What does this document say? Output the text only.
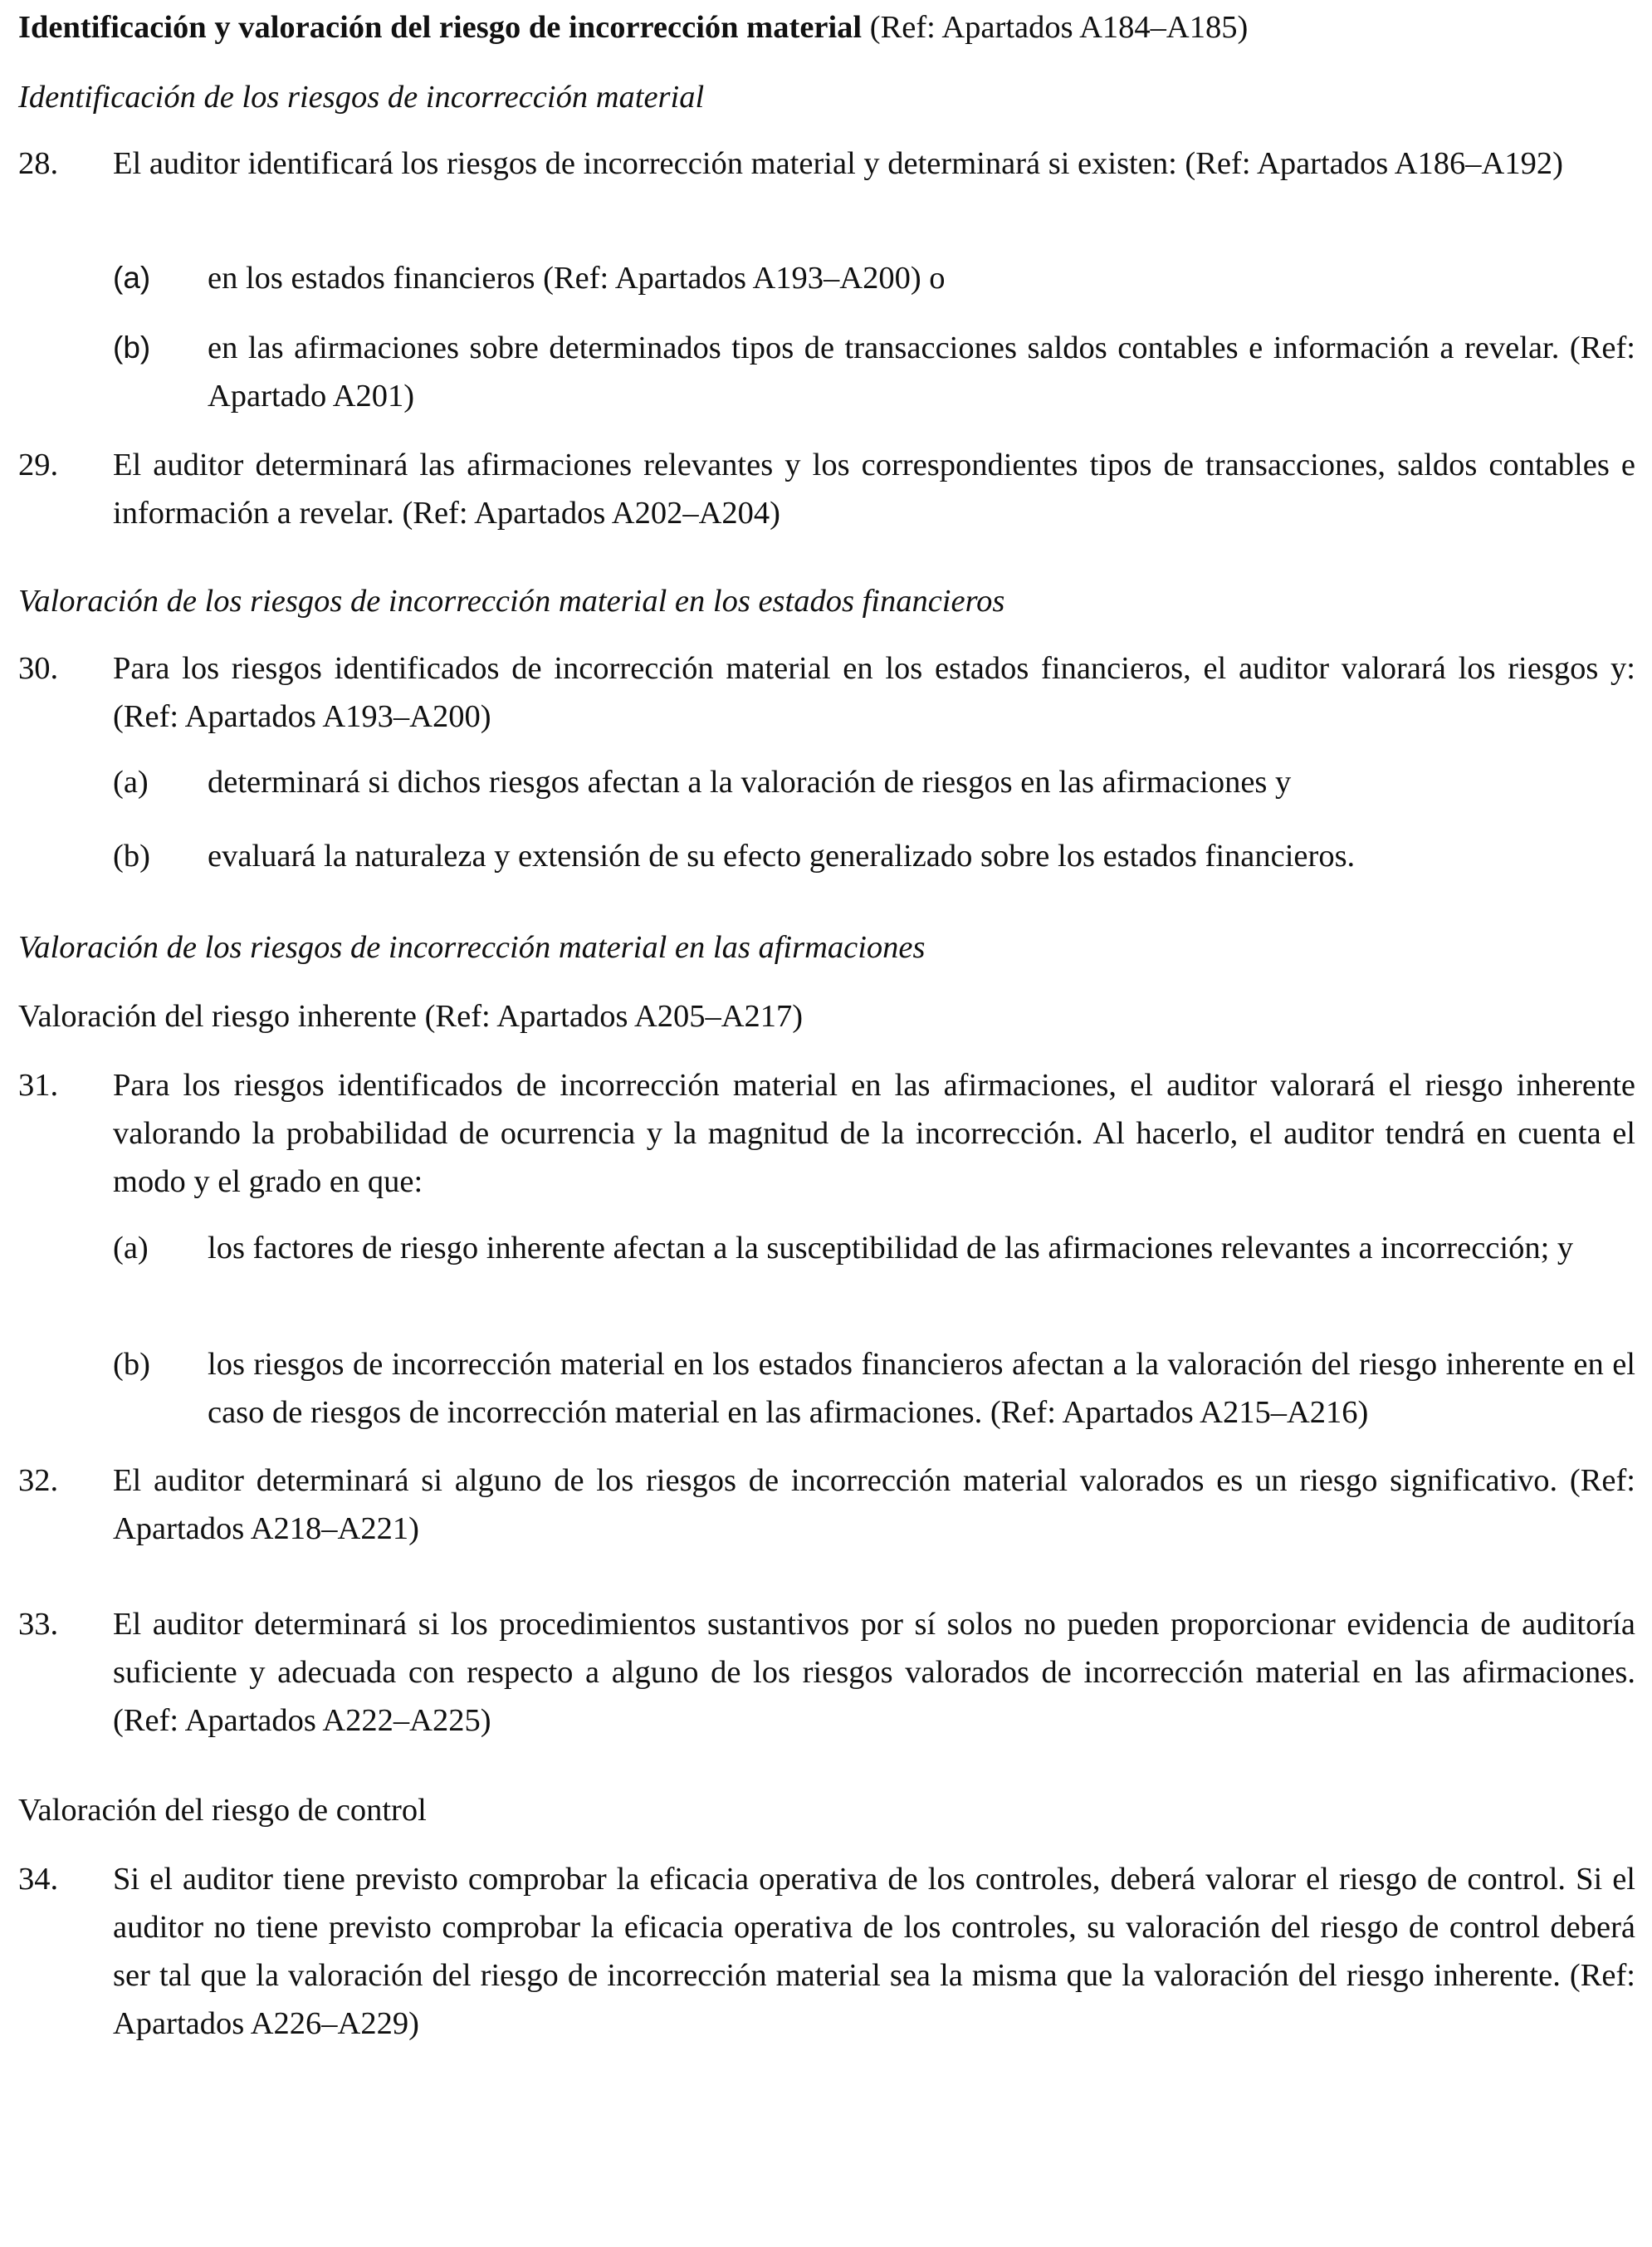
Identificación y valoración del riesgo de incorrección material (Ref: Apartados A184–A185)

Identificación de los riesgos de incorrección material

28. El auditor identificará los riesgos de incorrección material y determinará si existen: (Ref: Apartados A186–A192)
(a) en los estados financieros (Ref: Apartados A193–A200) o
(b) en las afirmaciones sobre determinados tipos de transacciones saldos contables e información a revelar. (Ref: Apartado A201)
29. El auditor determinará las afirmaciones relevantes y los correspondientes tipos de transacciones, saldos contables e información a revelar. (Ref: Apartados A202–A204)

Valoración de los riesgos de incorrección material en los estados financieros

30. Para los riesgos identificados de incorrección material en los estados financieros, el auditor valorará los riesgos y: (Ref: Apartados A193–A200)
(a) determinará si dichos riesgos afectan a la valoración de riesgos en las afirmaciones y
(b) evaluará la naturaleza y extensión de su efecto generalizado sobre los estados financieros.

Valoración de los riesgos de incorrección material en las afirmaciones

Valoración del riesgo inherente (Ref: Apartados A205–A217)

31. Para los riesgos identificados de incorrección material en las afirmaciones, el auditor valorará el riesgo inherente valorando la probabilidad de ocurrencia y la magnitud de la incorrección. Al hacerlo, el auditor tendrá en cuenta el modo y el grado en que:
(a) los factores de riesgo inherente afectan a la susceptibilidad de las afirmaciones relevantes a incorrección; y
(b) los riesgos de incorrección material en los estados financieros afectan a la valoración del riesgo inherente en el caso de riesgos de incorrección material en las afirmaciones. (Ref: Apartados A215–A216)
32. El auditor determinará si alguno de los riesgos de incorrección material valorados es un riesgo significativo. (Ref: Apartados A218–A221)
33. El auditor determinará si los procedimientos sustantivos por sí solos no pueden proporcionar evidencia de auditoría suficiente y adecuada con respecto a alguno de los riesgos valorados de incorrección material en las afirmaciones. (Ref: Apartados A222–A225)

Valoración del riesgo de control

34. Si el auditor tiene previsto comprobar la eficacia operativa de los controles, deberá valorar el riesgo de control. Si el auditor no tiene previsto comprobar la eficacia operativa de los controles, su valoración del riesgo de control deberá ser tal que la valoración del riesgo de incorrección material sea la misma que la valoración del riesgo inherente. (Ref: Apartados A226–A229)
